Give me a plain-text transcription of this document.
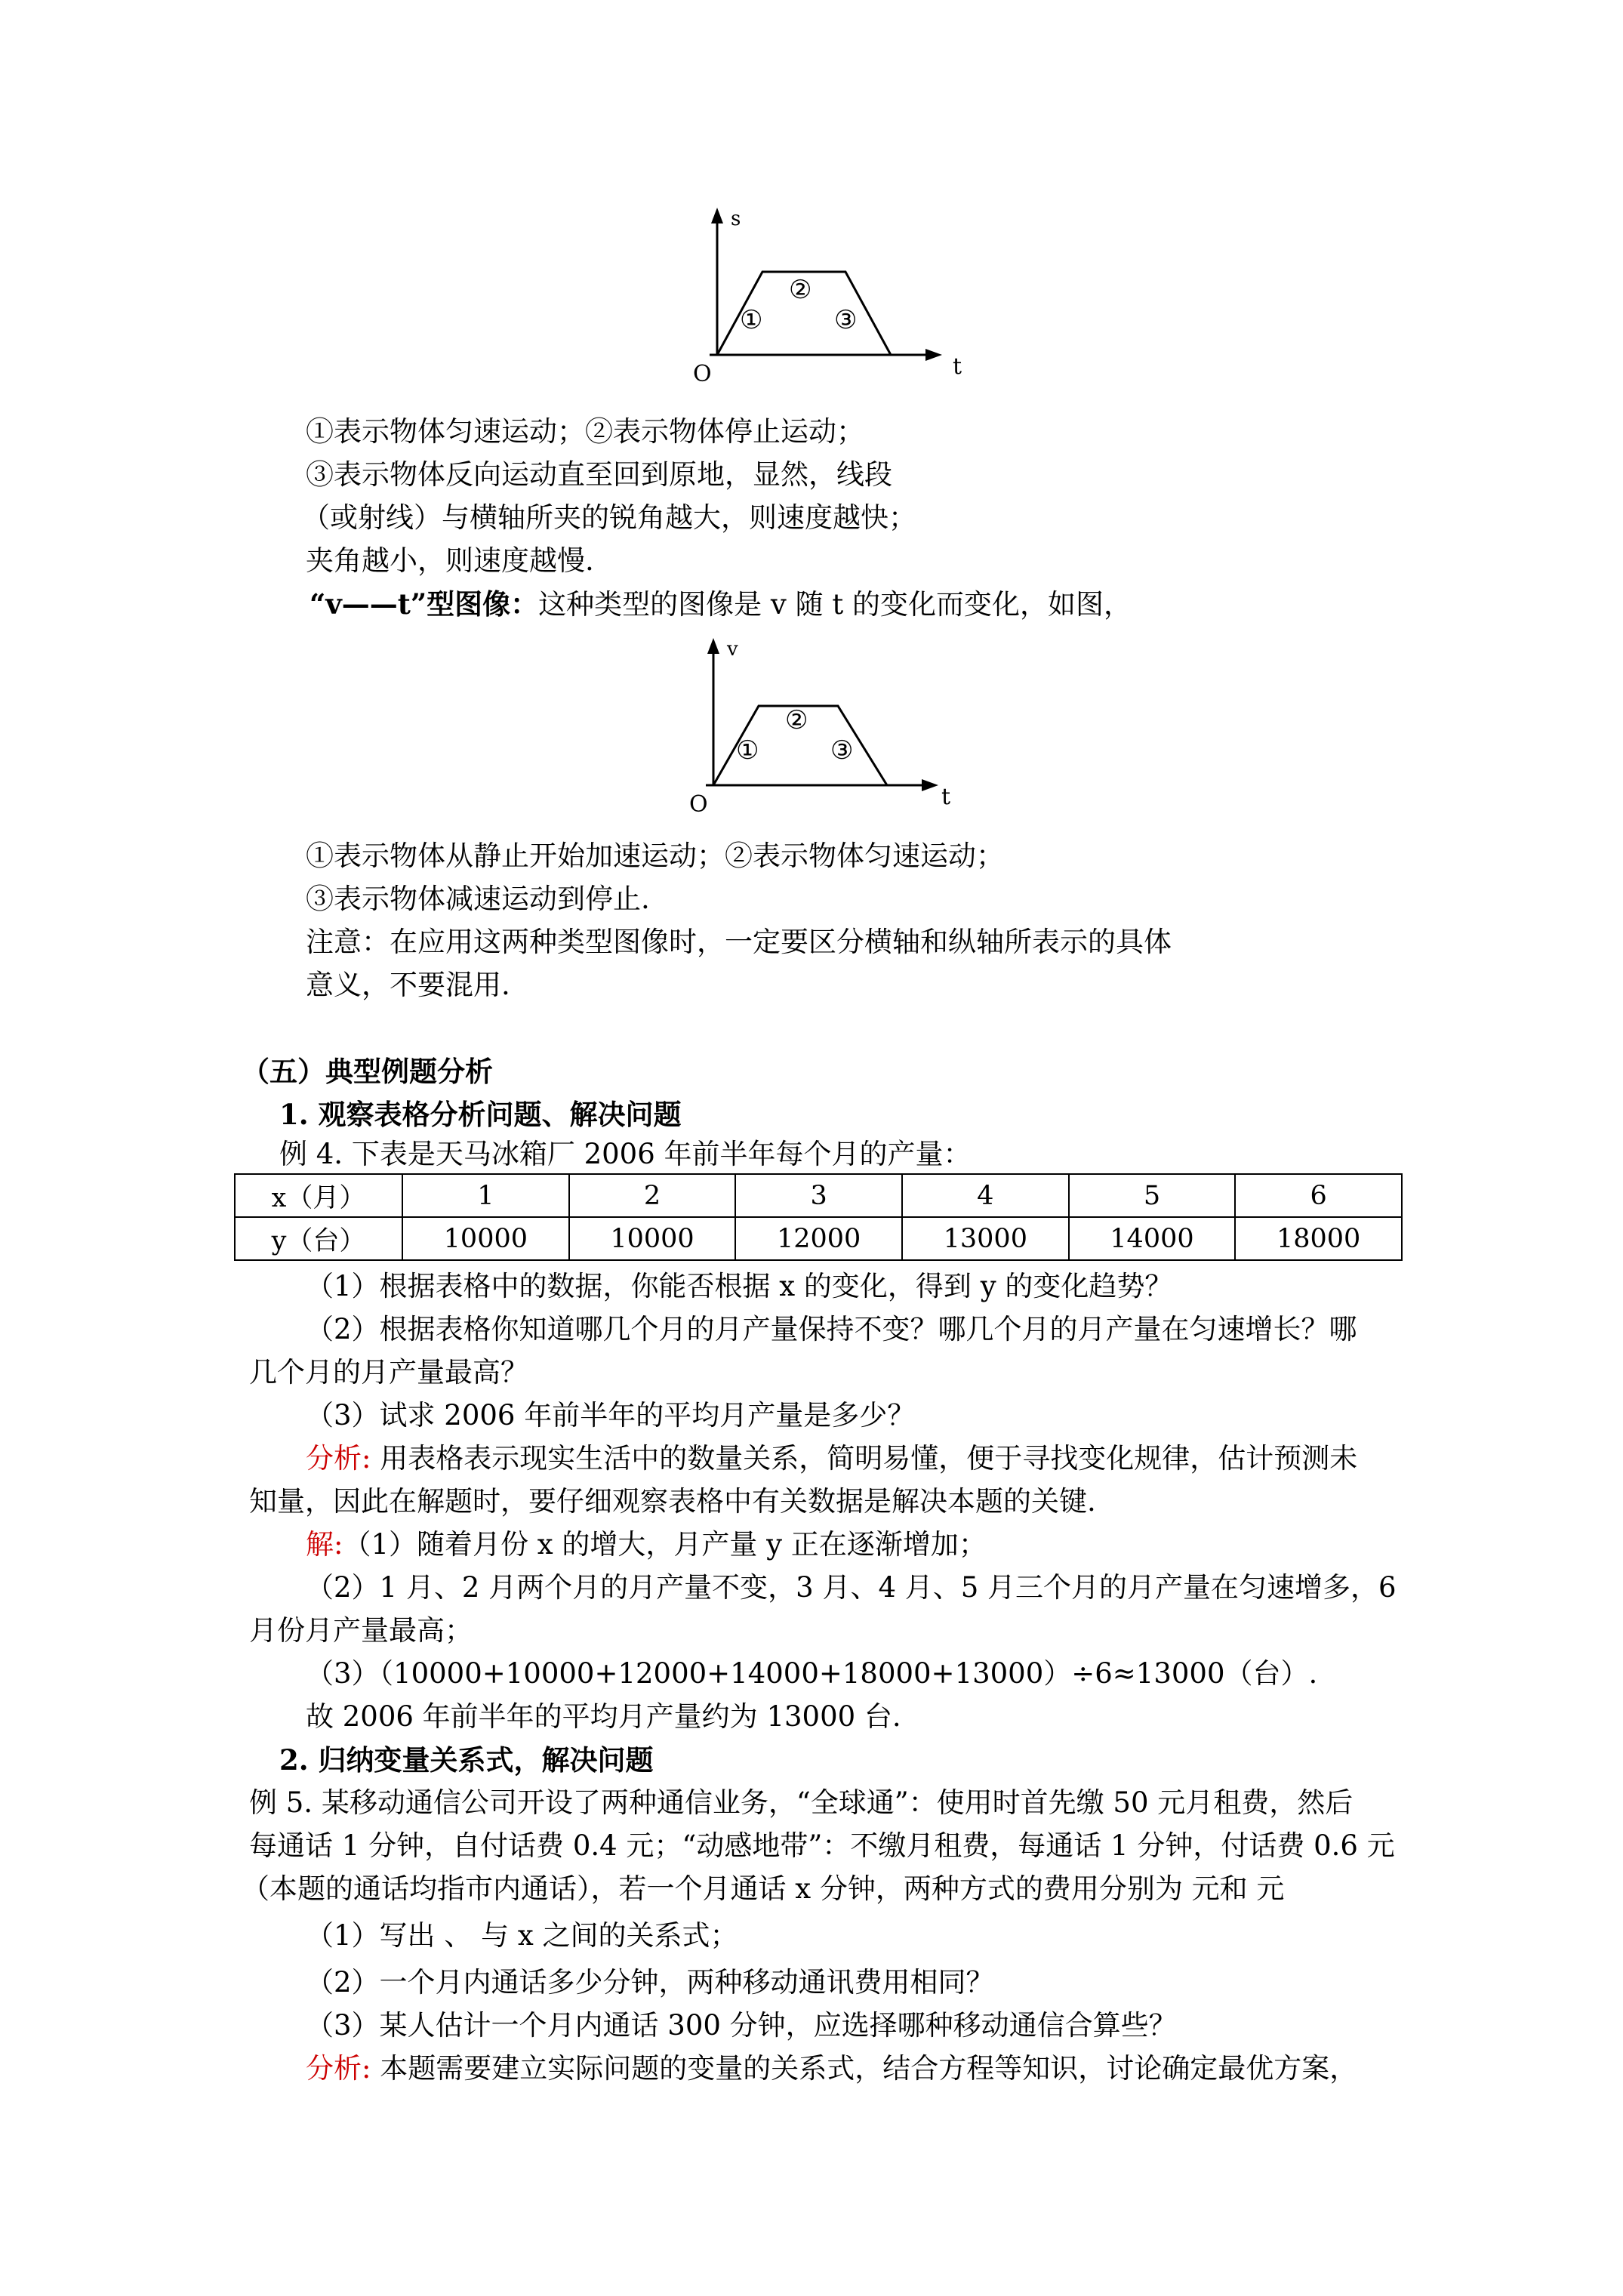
s
t
O
①
②
③
①表示物体匀速运动；②表示物体停止运动；
③表示物体反向运动直至回到原地，显然，线段
（或射线）与横轴所夹的锐角越大，则速度越快；
夹角越小，则速度越慢.
“v——t”型图像：这种类型的图像是 v 随 t 的变化而变化，如图，
v
t
O
①
②
③
①表示物体从静止开始加速运动；②表示物体匀速运动；
③表示物体减速运动到停止.
注意：在应用这两种类型图像时，一定要区分横轴和纵轴所表示的具体
意义，不要混用.
（五）典型例题分析
1. 观察表格分析问题、解决问题
例 4. 下表是天马冰箱厂 2006 年前半年每个月的产量：
x（月）	1	2	3	4	5	6
y（台）	10000	10000	12000	13000	14000	18000
（1）根据表格中的数据，你能否根据 x 的变化，得到 y 的变化趋势？
（2）根据表格你知道哪几个月的月产量保持不变？哪几个月的月产量在匀速增长？哪
几个月的月产量最高？
（3）试求 2006 年前半年的平均月产量是多少？
分析: 用表格表示现实生活中的数量关系，简明易懂，便于寻找变化规律，估计预测未
知量，因此在解题时，要仔细观察表格中有关数据是解决本题的关键.
解:（1）随着月份 x 的增大，月产量 y 正在逐渐增加；
（2）1 月、2 月两个月的月产量不变，3 月、4 月、5 月三个月的月产量在匀速增多，6
月份月产量最高；
（3）（10000+10000+12000+14000+18000+13000）÷6≈13000（台）.
故 2006 年前半年的平均月产量约为 13000 台.
2. 归纳变量关系式，解决问题
例 5. 某移动通信公司开设了两种通信业务，“全球通”：使用时首先缴 50 元月租费，然后
每通话 1 分钟，自付话费 0.4 元；“动感地带”：不缴月租费，每通话 1 分钟，付话费 0.6 元
（本题的通话均指市内通话），若一个月通话 x 分钟，两种方式的费用分别为 元和 元
（1）写出 、 与 x 之间的关系式；
（2）一个月内通话多少分钟，两种移动通讯费用相同？
（3）某人估计一个月内通话 300 分钟，应选择哪种移动通信合算些？
分析: 本题需要建立实际问题的变量的关系式，结合方程等知识，讨论确定最优方案，
